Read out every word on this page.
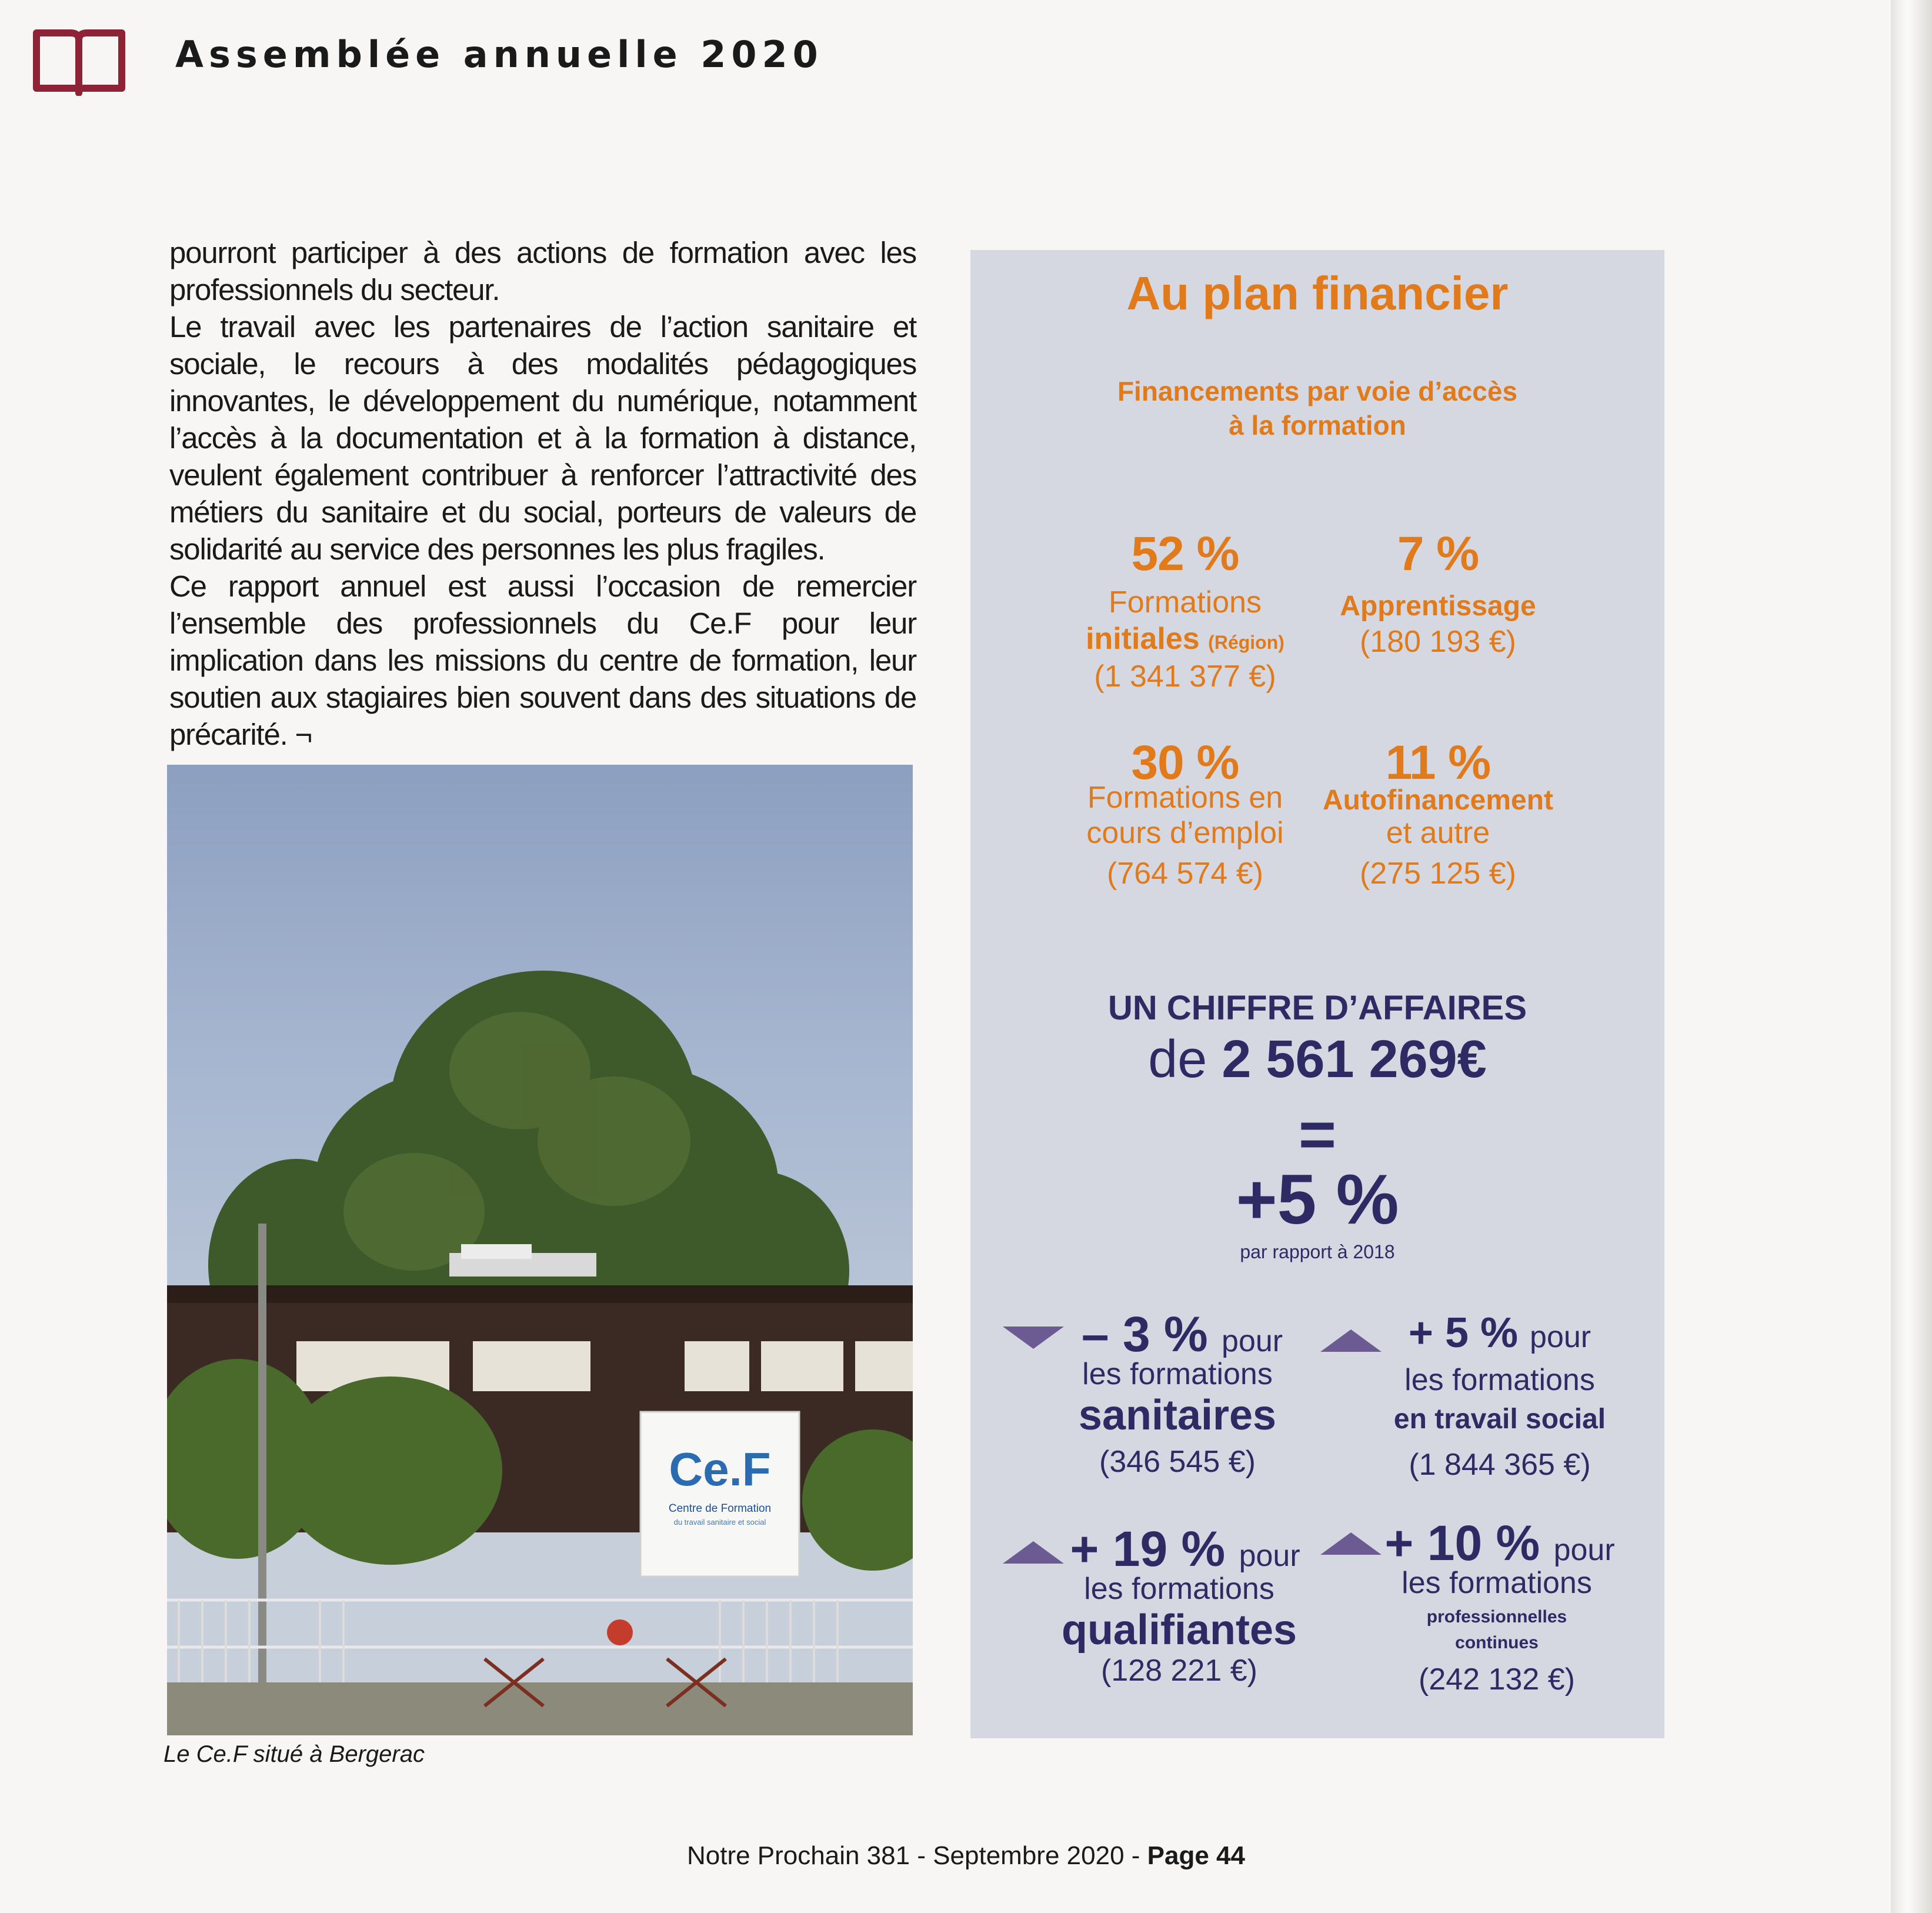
Assemblée annuelle 2020

pourront participer à des actions de formation avec les professionnels du secteur.

Le travail avec les partenaires de l’action sanitaire et sociale, le recours à des modalités pédagogiques innovantes, le développement du numérique, notamment l’accès à la documentation et à la formation à distance, veulent également contribuer à renforcer l’attractivité des métiers du sanitaire et du social, porteurs de valeurs de solidarité au service des personnes les plus fragiles.

Ce rapport annuel est aussi l’occasion de remercier l’ensemble des professionnels du Ce.F pour leur implication dans les missions du centre de formation, leur soutien aux stagiaires bien souvent dans des situations de précarité. ¬

Ce.F
Centre de Formation
du travail sanitaire et social
Le Ce.F situé à Bergerac
Au plan financier
Financements par voie d’accès
à la formation
52 %
Formations
initiales (Région)
(1 341 377 €)
7 %
Apprentissage
(180 193 €)
30 %
Formations en
cours d’emploi
(764 574 €)
11 %
Autofinancement
et autre
(275 125 €)
UN CHIFFRE D’AFFAIRES
de 2 561 269€
=
+5 %
par rapport à 2018
– 3 % pour
les formations
sanitaires
(346 545 €)
+ 5 % pour
les formations
en travail social
(1 844 365 €)
+ 19 % pour
les formations
qualifiantes
(128 221 €)
+ 10 % pour
les formations
professionnelles
continues
(242 132 €)
Notre Prochain 381 - Septembre 2020 - Page 44
